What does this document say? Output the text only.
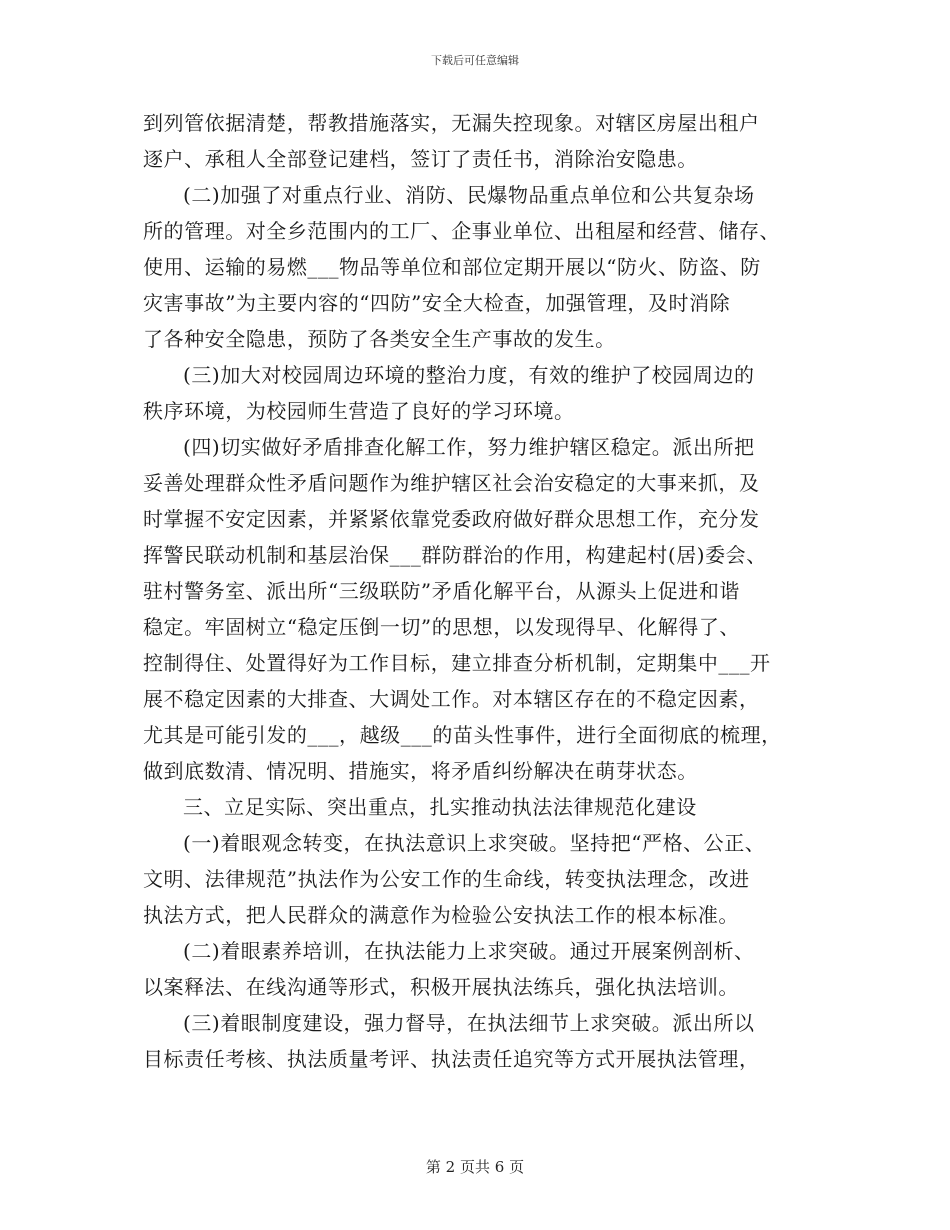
下载后可任意编辑
到列管依据清楚，帮教措施落实，无漏失控现象。对辖区房屋出租户
逐户、承租人全部登记建档，签订了责任书，消除治安隐患。
(二)加强了对重点行业、消防、民爆物品重点单位和公共复杂场
所的管理。对全乡范围内的工厂、企事业单位、出租屋和经营、储存、
使用、运输的易燃___物品等单位和部位定期开展以“防火、防盗、防
灾害事故”为主要内容的“四防”安全大检查，加强管理，及时消除
了各种安全隐患，预防了各类安全生产事故的发生。
(三)加大对校园周边环境的整治力度，有效的维护了校园周边的
秩序环境，为校园师生营造了良好的学习环境。
(四)切实做好矛盾排查化解工作，努力维护辖区稳定。派出所把
妥善处理群众性矛盾问题作为维护辖区社会治安稳定的大事来抓，及
时掌握不安定因素，并紧紧依靠党委政府做好群众思想工作，充分发
挥警民联动机制和基层治保___群防群治的作用，构建起村(居)委会、
驻村警务室、派出所“三级联防”矛盾化解平台，从源头上促进和谐
稳定。牢固树立“稳定压倒一切”的思想，以发现得早、化解得了、
控制得住、处置得好为工作目标，建立排查分析机制，定期集中___开
展不稳定因素的大排查、大调处工作。对本辖区存在的不稳定因素，
尤其是可能引发的___，越级___的苗头性事件，进行全面彻底的梳理，
做到底数清、情况明、措施实，将矛盾纠纷解决在萌芽状态。
三、立足实际、突出重点，扎实推动执法法律规范化建设
(一)着眼观念转变，在执法意识上求突破。坚持把“严格、公正、
文明、法律规范”执法作为公安工作的生命线，转变执法理念，改进
执法方式，把人民群众的满意作为检验公安执法工作的根本标准。
(二)着眼素养培训，在执法能力上求突破。通过开展案例剖析、
以案释法、在线沟通等形式，积极开展执法练兵，强化执法培训。
(三)着眼制度建设，强力督导，在执法细节上求突破。派出所以
目标责任考核、执法质量考评、执法责任追究等方式开展执法管理，
第 2 页共 6 页
